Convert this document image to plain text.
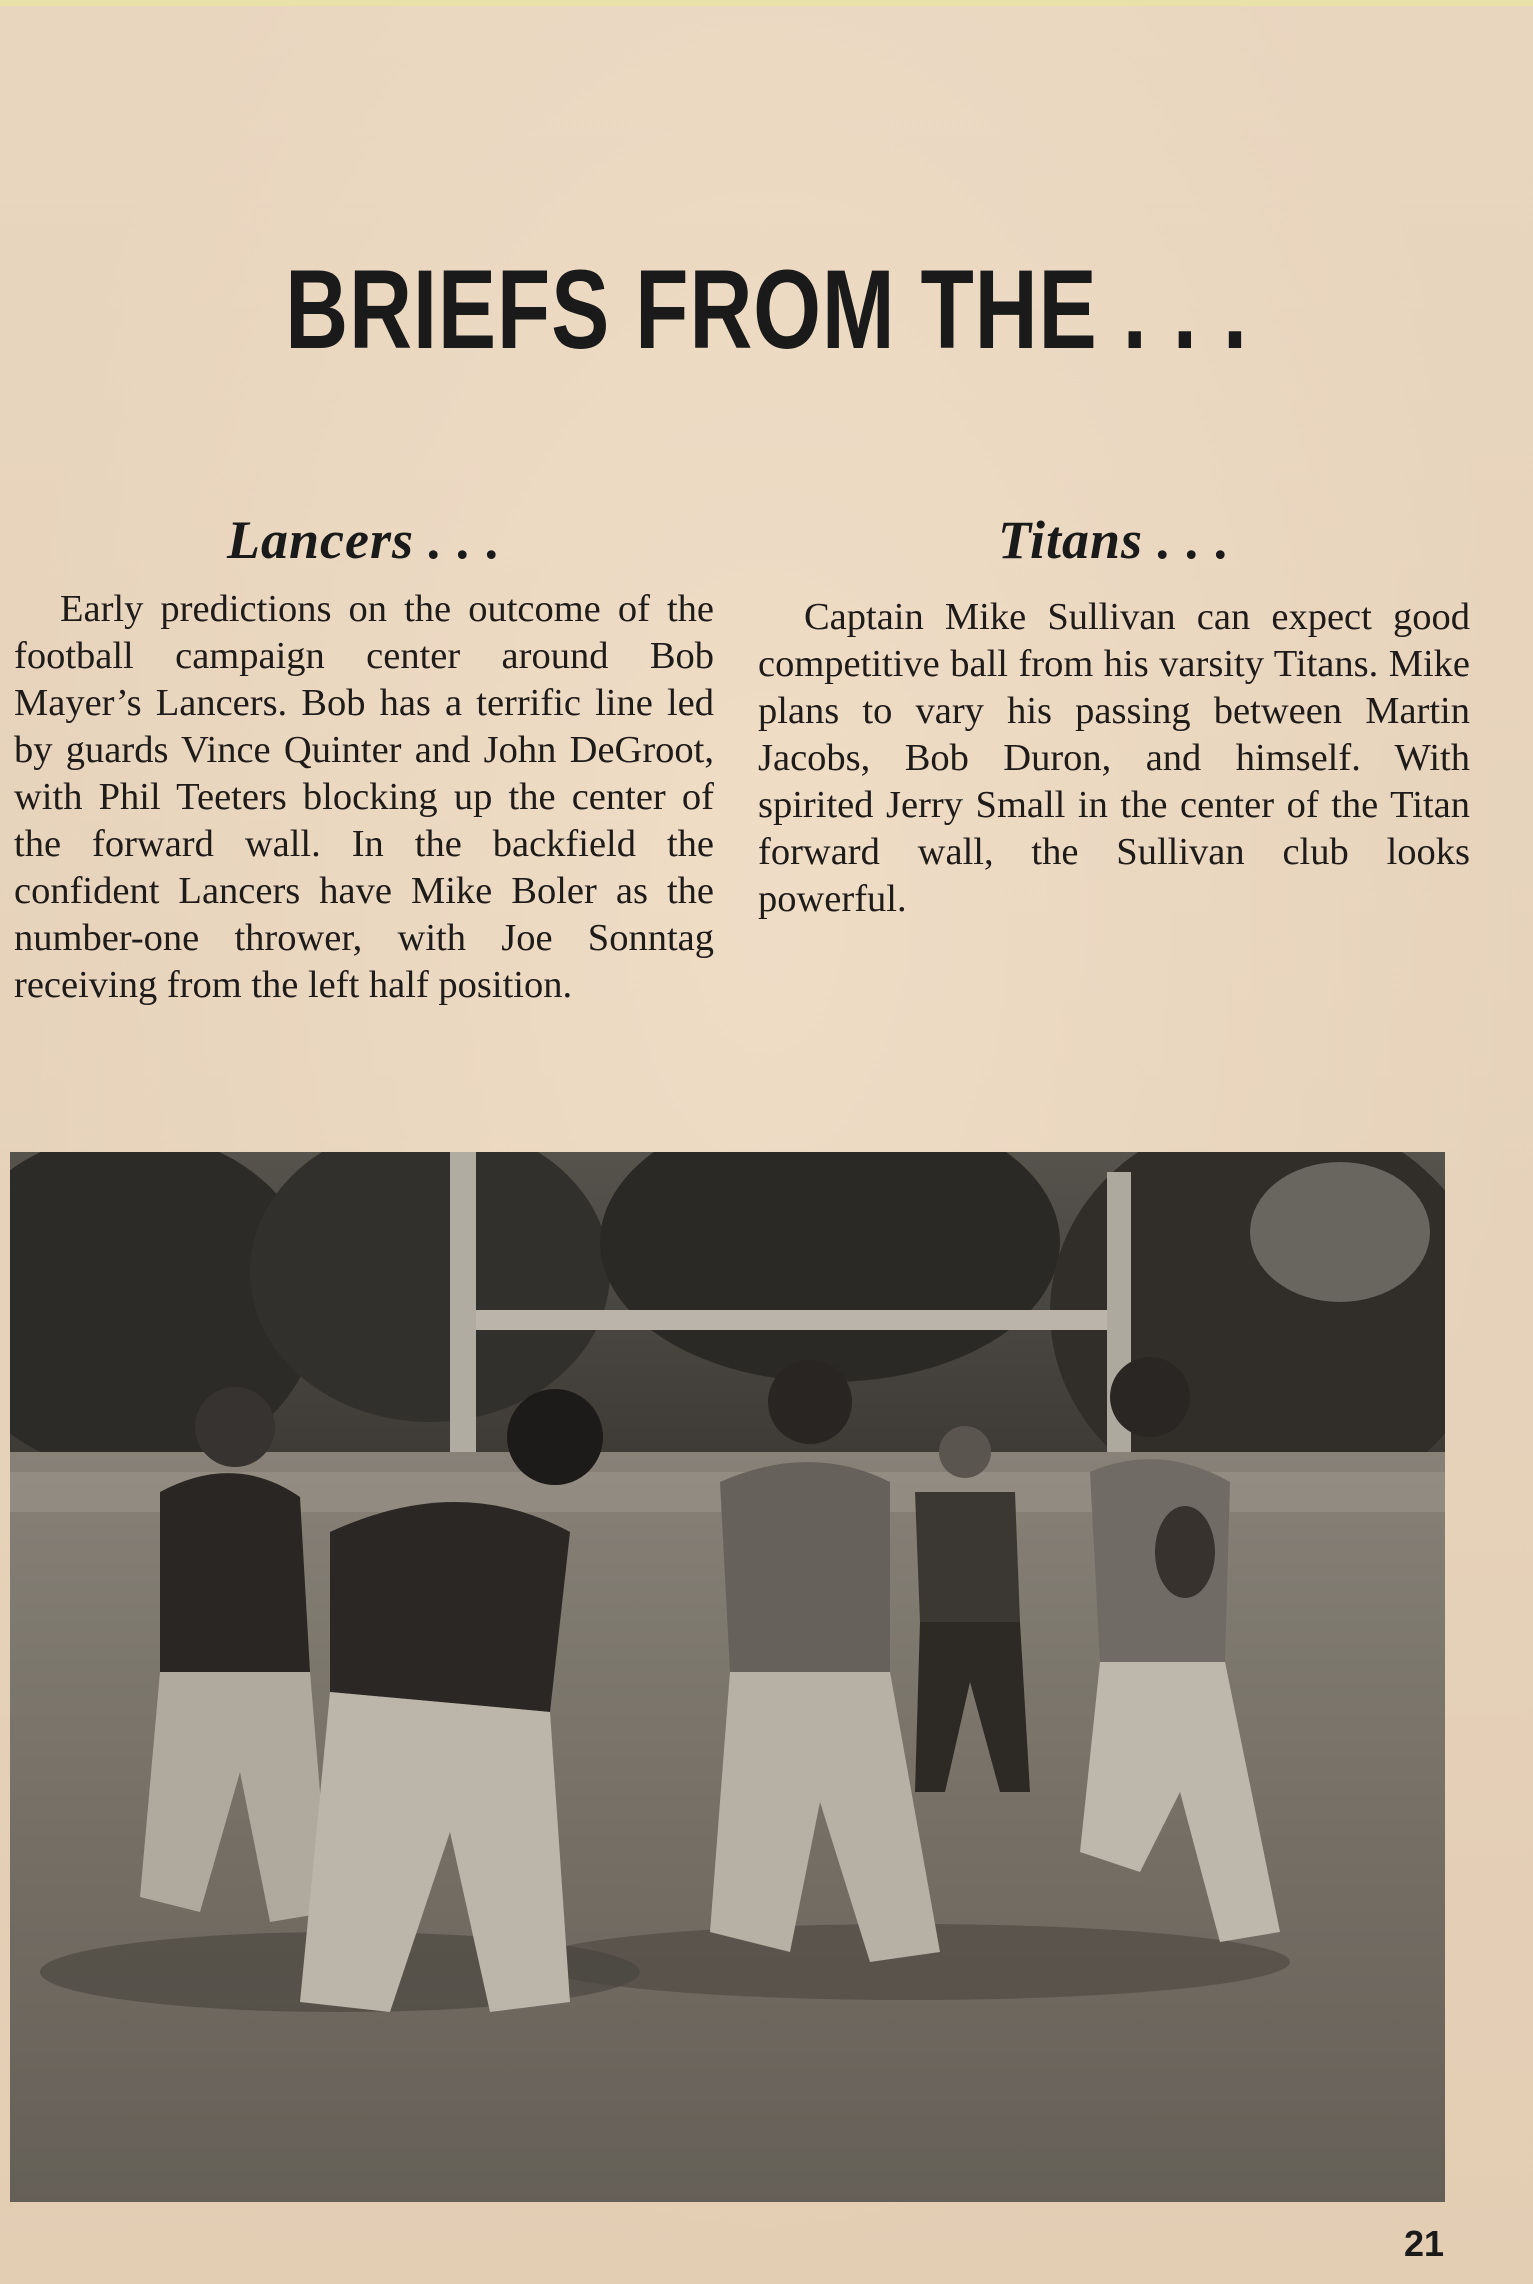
BRIEFS FROM THE . . .
Lancers . . .

Early predictions on the outcome of the football campaign center around Bob Mayer’s Lancers. Bob has a terrific line led by guards Vince Quinter and John DeGroot, with Phil Teeters blocking up the center of the forward wall. In the backfield the confident Lancers have Mike Boler as the number-one thrower, with Joe Sonntag receiving from the left half position.

Titans . . .

Captain Mike Sullivan can expect good competitive ball from his varsity Titans. Mike plans to vary his passing between Martin Jacobs, Bob Duron, and himself. With spirited Jerry Small in the center of the Titan forward wall, the Sullivan club looks powerful.

21
